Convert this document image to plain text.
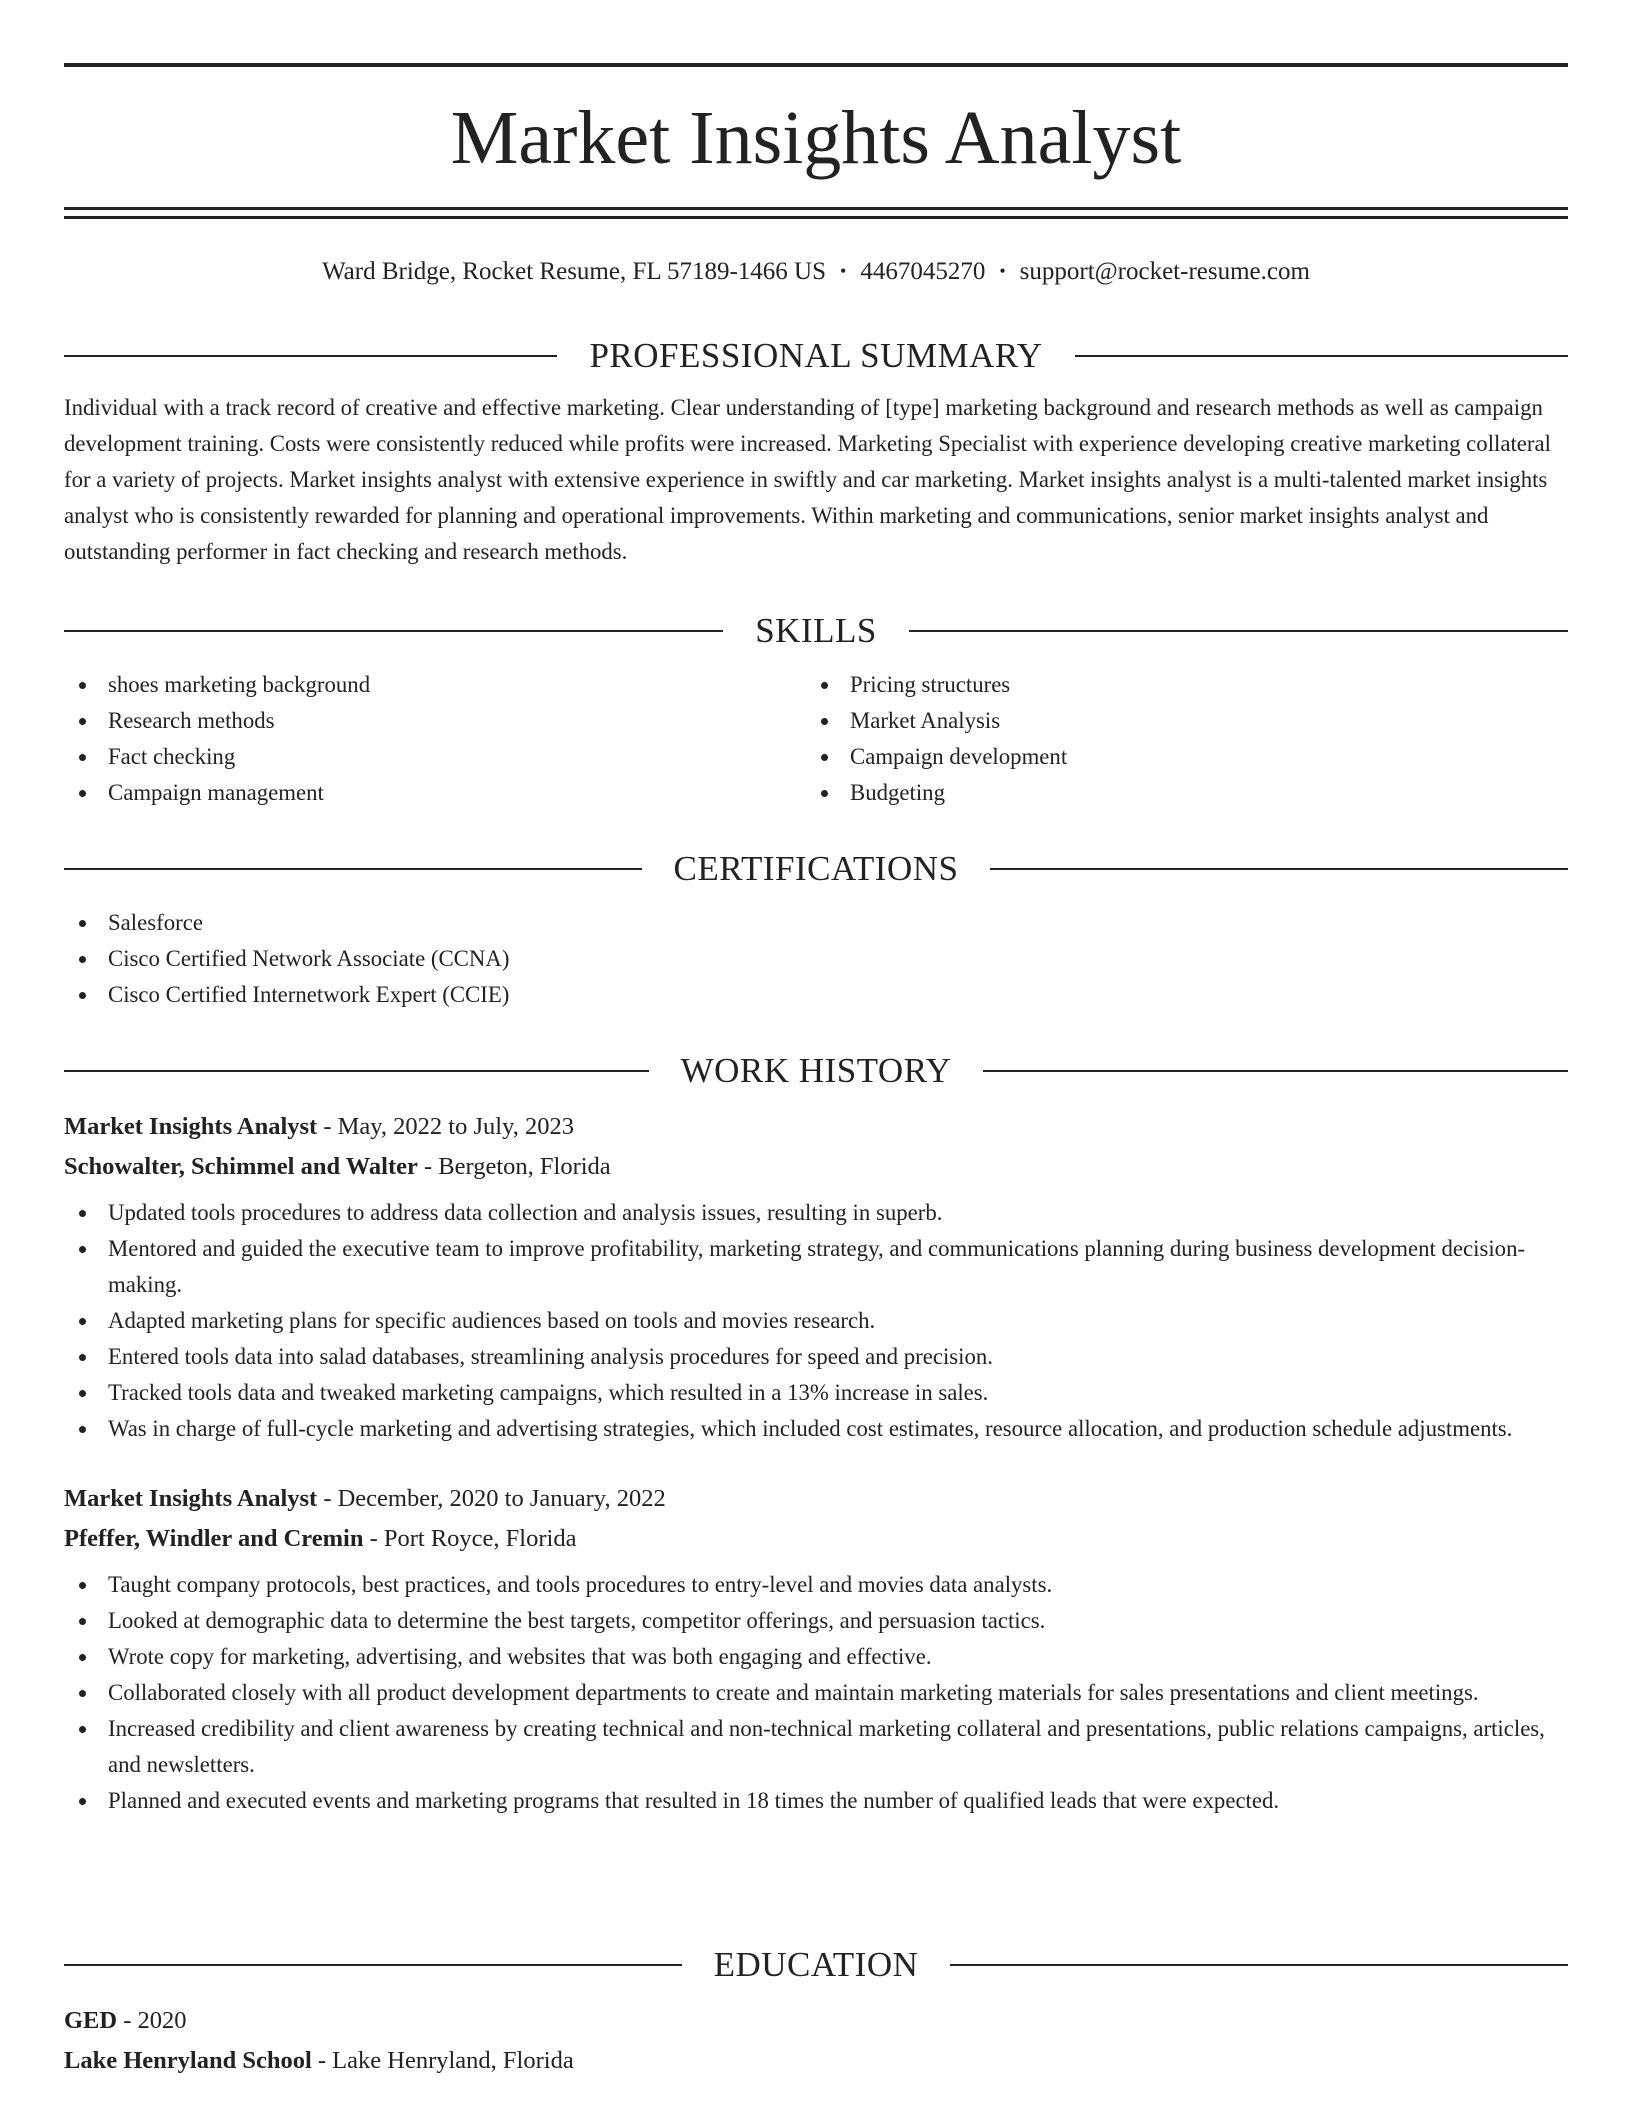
Market Insights Analyst
Ward Bridge, Rocket Resume, FL 57189-1466 US • 4467045270 • support@rocket-resume.com
PROFESSIONAL SUMMARY
Individual with a track record of creative and effective marketing. Clear understanding of [type] marketing background and research methods as well as campaign development training. Costs were consistently reduced while profits were increased. Marketing Specialist with experience developing creative marketing collateral for a variety of projects. Market insights analyst with extensive experience in swiftly and car marketing. Market insights analyst is a multi-talented market insights analyst who is consistently rewarded for planning and operational improvements. Within marketing and communications, senior market insights analyst and outstanding performer in fact checking and research methods.
SKILLS
shoes marketing background
Research methods
Fact checking
Campaign management
Pricing structures
Market Analysis
Campaign development
Budgeting
CERTIFICATIONS
Salesforce
Cisco Certified Network Associate (CCNA)
Cisco Certified Internetwork Expert (CCIE)
WORK HISTORY
Market Insights Analyst - May, 2022 to July, 2023
Schowalter, Schimmel and Walter - Bergeton, Florida
Updated tools procedures to address data collection and analysis issues, resulting in superb.
Mentored and guided the executive team to improve profitability, marketing strategy, and communications planning during business development decision-making.
Adapted marketing plans for specific audiences based on tools and movies research.
Entered tools data into salad databases, streamlining analysis procedures for speed and precision.
Tracked tools data and tweaked marketing campaigns, which resulted in a 13% increase in sales.
Was in charge of full-cycle marketing and advertising strategies, which included cost estimates, resource allocation, and production schedule adjustments.
Market Insights Analyst - December, 2020 to January, 2022
Pfeffer, Windler and Cremin - Port Royce, Florida
Taught company protocols, best practices, and tools procedures to entry-level and movies data analysts.
Looked at demographic data to determine the best targets, competitor offerings, and persuasion tactics.
Wrote copy for marketing, advertising, and websites that was both engaging and effective.
Collaborated closely with all product development departments to create and maintain marketing materials for sales presentations and client meetings.
Increased credibility and client awareness by creating technical and non-technical marketing collateral and presentations, public relations campaigns, articles, and newsletters.
Planned and executed events and marketing programs that resulted in 18 times the number of qualified leads that were expected.
EDUCATION
GED - 2020
Lake Henryland School - Lake Henryland, Florida
